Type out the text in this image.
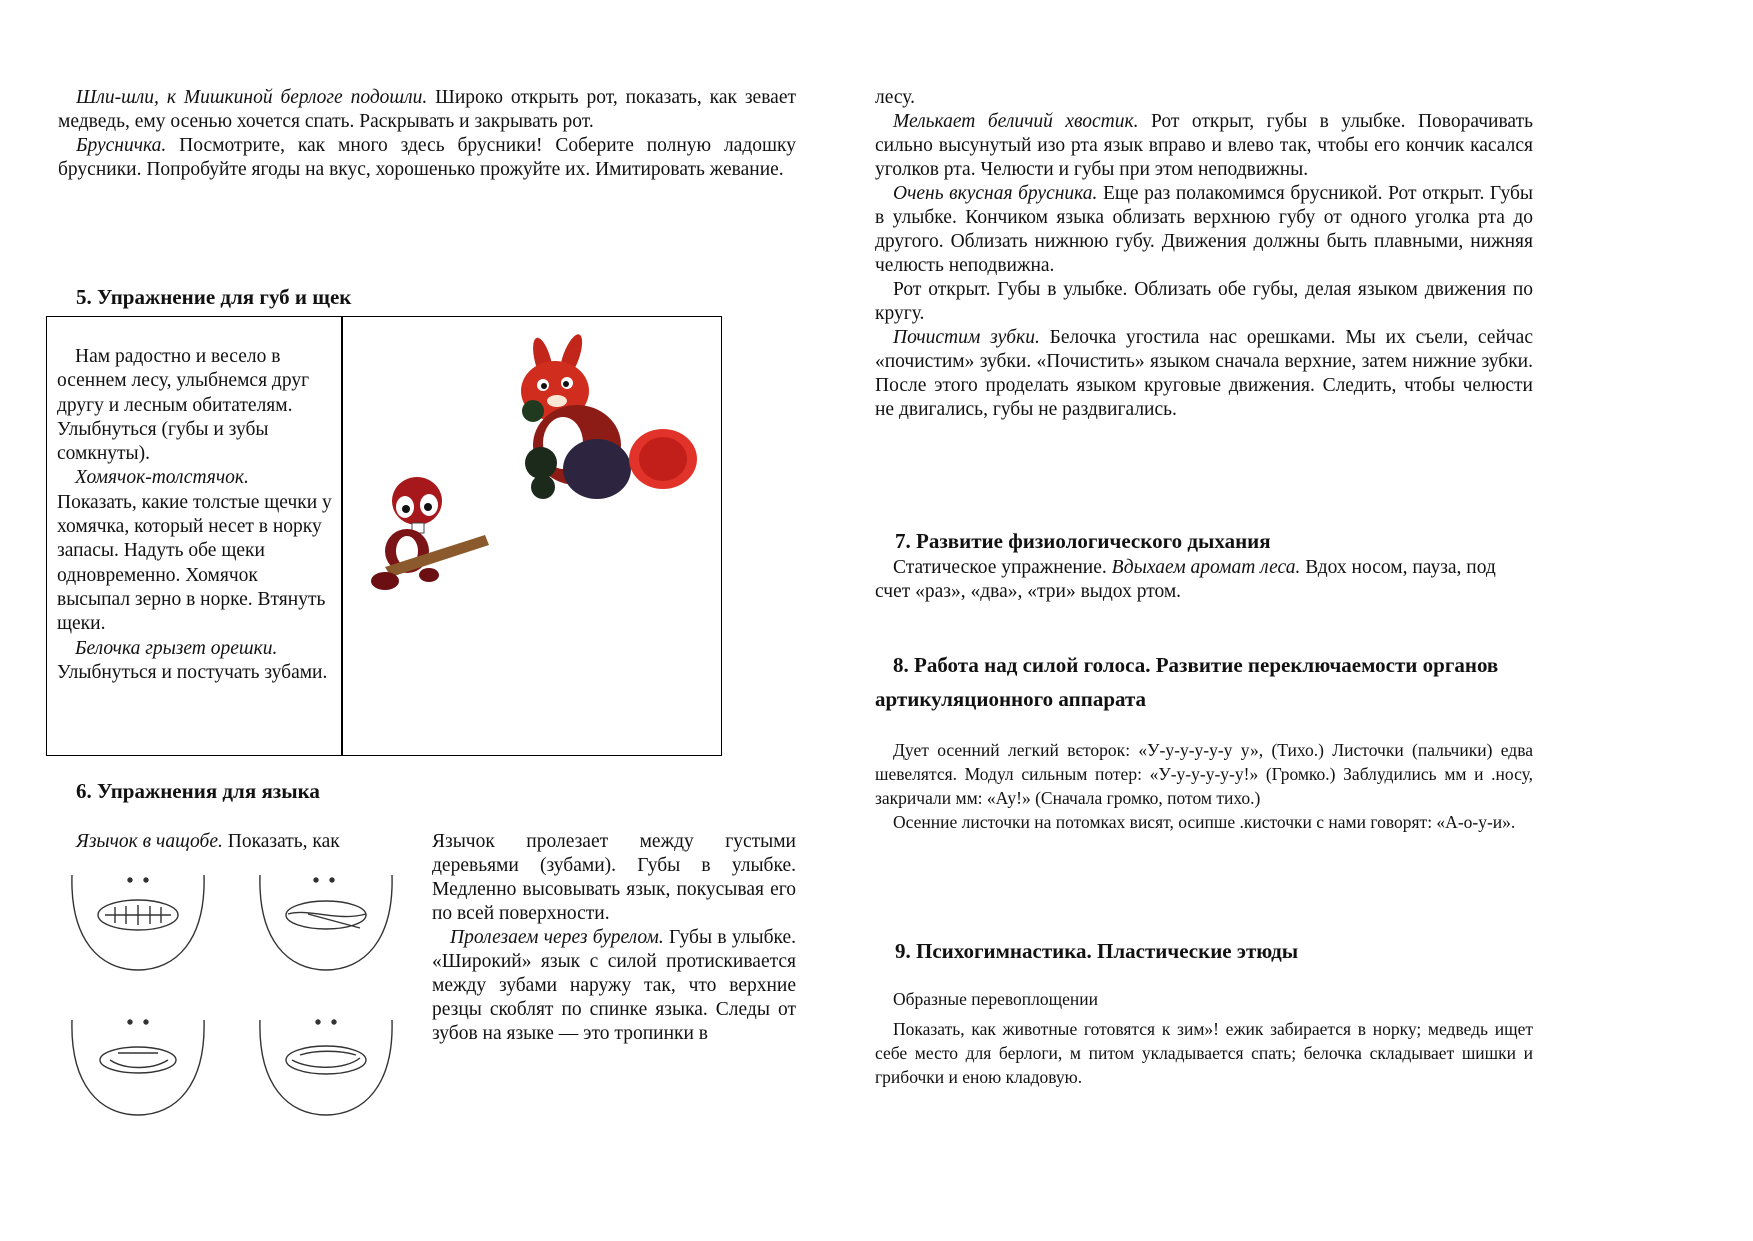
Шли-шли, к Мишкиной берлоге подошли. Широко открыть рот, показать, как зевает медведь, ему осенью хочется спать. Раскрывать и закрывать рот.

Брусничка. Посмотрите, как много здесь брусники! Соберите полную ладошку брусники. Попробуйте ягоды на вкус, хорошенько прожуйте их. Имитировать жевание.

5. Упражнение для губ и щек

Нам радостно и весело в осеннем лесу, улыбнемся друг другу и лесным обитателям. Улыбнуться (губы и зубы сомкнуты).

Хомячок-толстячок.

Показать, какие толстые щечки у хомячка, который несет в норку запасы. Надуть обе щеки одновременно. Хомячок высыпал зерно в норке. Втянуть щеки.

Белочка грызет орешки.

Улыбнуться и постучать зубами.

6. Упражнения для языка
Язычок в чащобе. Показать, как	Язычок пролезает между густыми деревьями (зубами). Губы в улыбке. Медленно высовывать язык, покусывая его по всей поверхности.

Пролезаем через бурелом. Губы в улыбке. «Широкий» язык с силой протискивается между зубами наружу так, что верхние резцы скоблят по спинке языка. Следы от зубов на языке — это тропинки в

лесу.

Мелькает беличий хвостик. Рот открыт, губы в улыбке. Поворачивать сильно высунутый изо рта язык вправо и влево так, чтобы его кончик касался уголков рта. Челюсти и губы при этом неподвижны.

Очень вкусная брусника. Еще раз полакомимся брусникой. Рот открыт. Губы в улыбке. Кончиком языка облизать верхнюю губу от одного уголка рта до другого. Облизать нижнюю губу. Движения должны быть плавными, нижняя челюсть неподвижна.

Рот открыт. Губы в улыбке. Облизать обе губы, делая языком движения по кругу.

Почистим зубки. Белочка угостила нас орешками. Мы их съели, сейчас «почистим» зубки. «Почистить» языком сначала верхние, затем нижние зубки. После этого проделать языком круговые движения. Следить, чтобы челюсти не двигались, губы не раздвигались.

7. Развитие физиологического дыхания
Статическое упражнение. Вдыхаем аромат леса. Вдох носом, пауза, под счет «раз», «два», «три» выдох ртом.
8. Работа над силой голоса. Развитие переключаемости органов артикуляционного аппарата

Дует осенний легкий вєторок: «У-у-у-у-у-у у», (Тихо.) Листочки (пальчики) едва шевелятся. Модул сильным потер: «У-у-у-у-у-у!» (Громко.) Заблудились мм и .носу, закричали мм: «Ау!» (Сначала громко, потом тихо.)

Осенние листочки на потомках висят, осипше .кисточки с нами говорят: «А-о-у-и».

9. Психогимнастика. Пластические этюды

Образные перевоплощении

Показать, как животные готовятся к зим»! ежик забирается в норку; медведь ищет себе место для берлоги, м питом укладывается спать; белочка складывает шишки и грибочки и еною кладовую.
